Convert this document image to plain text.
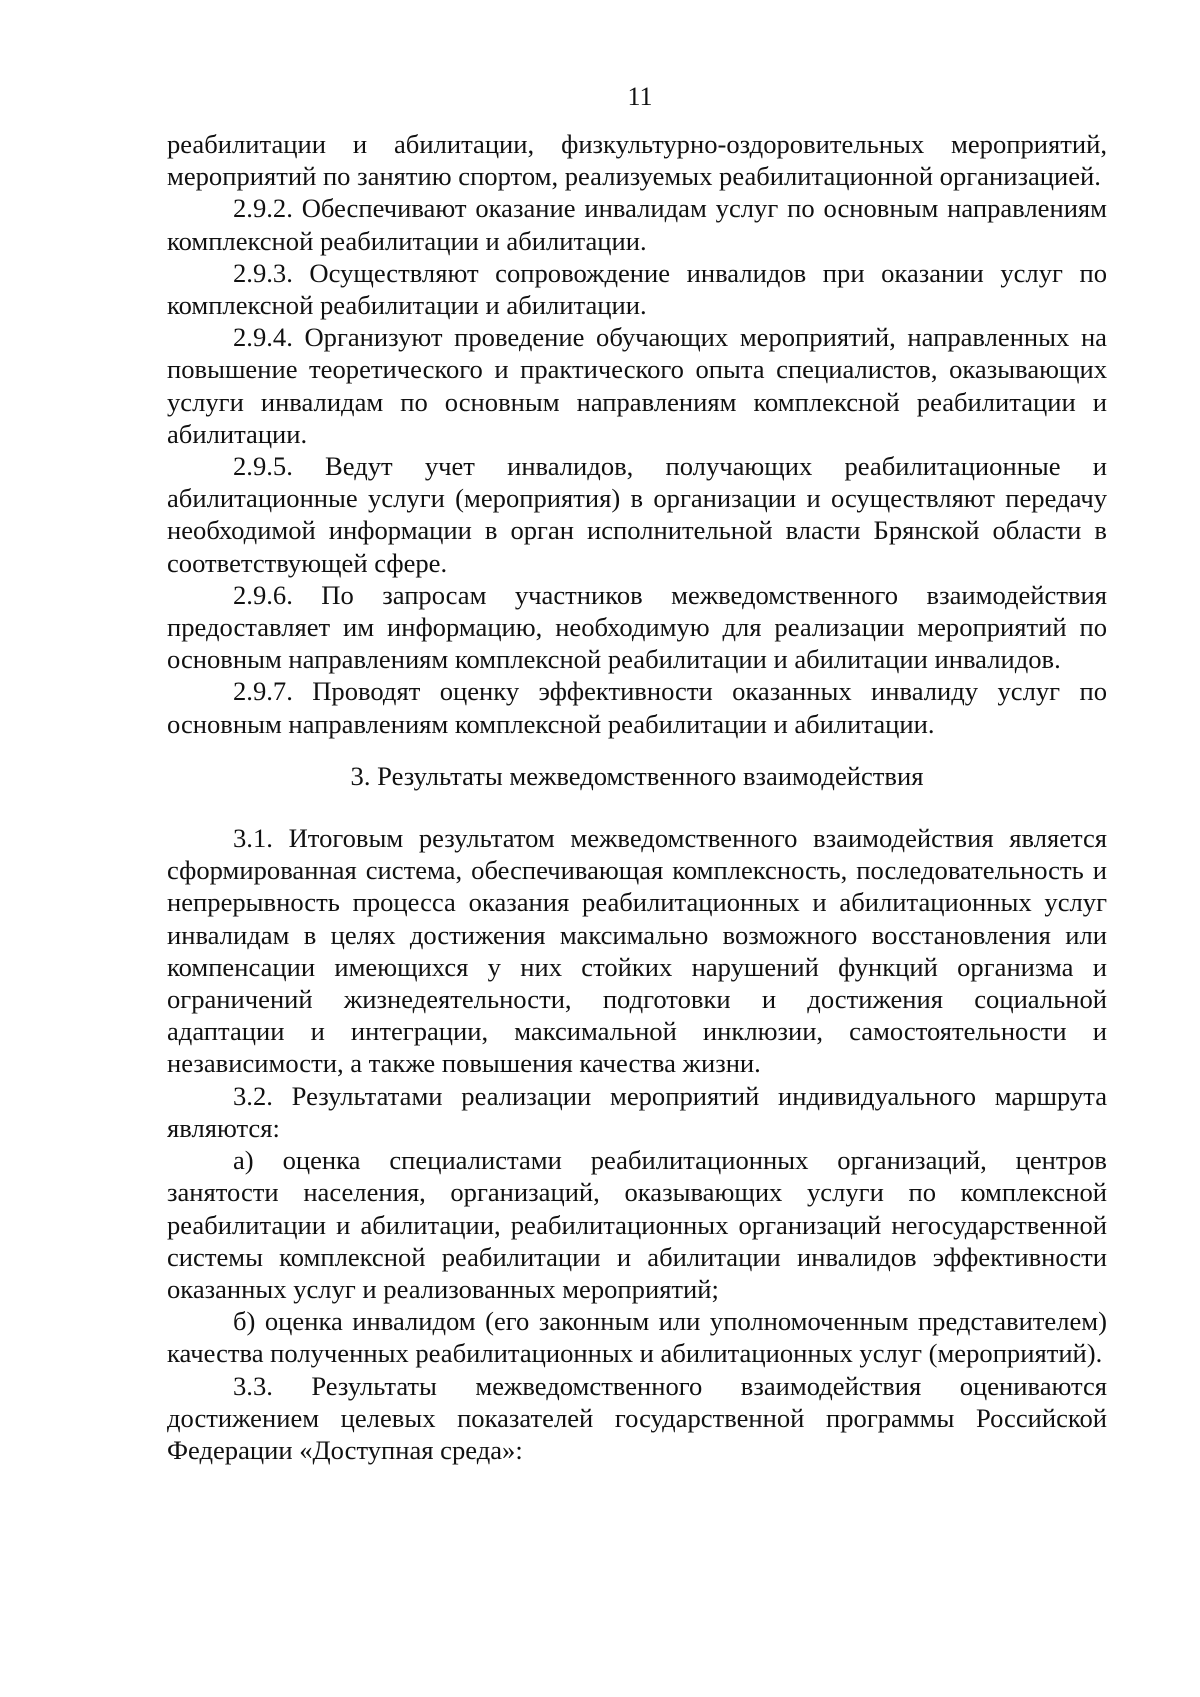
11

реабилитации и абилитации, физкультурно-оздоровительных мероприятий, мероприятий по занятию спортом, реализуемых реабилитационной организацией.

2.9.2. Обеспечивают оказание инвалидам услуг по основным направлениям комплексной реабилитации и абилитации.

2.9.3. Осуществляют сопровождение инвалидов при оказании услуг по комплексной реабилитации и абилитации.

2.9.4. Организуют проведение обучающих мероприятий, направленных на повышение теоретического и практического опыта специалистов, оказывающих услуги инвалидам по основным направлениям комплексной реабилитации и абилитации.

2.9.5. Ведут учет инвалидов, получающих реабилитационные и абилитационные услуги (мероприятия) в организации и осуществляют передачу необходимой информации в орган исполнительной власти Брянской области в соответствующей сфере.

2.9.6. По запросам участников межведомственного взаимодействия предоставляет им информацию, необходимую для реализации мероприятий по основным направлениям комплексной реабилитации и абилитации инвалидов.

2.9.7. Проводят оценку эффективности оказанных инвалиду услуг по основным направлениям комплексной реабилитации и абилитации.

3. Результаты межведомственного взаимодействия

3.1. Итоговым результатом межведомственного взаимодействия является сформированная система, обеспечивающая комплексность, последовательность и непрерывность процесса оказания реабилитационных и абилитационных услуг инвалидам в целях достижения максимально возможного восстановления или компенсации имеющихся у них стойких нарушений функций организма и ограничений жизнедеятельности, подготовки и достижения социальной адаптации и интеграции, максимальной инклюзии, самостоятельности и независимости, а также повышения качества жизни.

3.2. Результатами реализации мероприятий индивидуального маршрута являются:

а) оценка специалистами реабилитационных организаций, центров занятости населения, организаций, оказывающих услуги по комплексной реабилитации и абилитации, реабилитационных организаций негосударственной системы комплексной реабилитации и абилитации инвалидов эффективности оказанных услуг и реализованных мероприятий;

б) оценка инвалидом (его законным или уполномоченным представителем) качества полученных реабилитационных и абилитационных услуг (мероприятий).

3.3. Результаты межведомственного взаимодействия оцениваются достижением целевых показателей государственной программы Российской Федерации «Доступная среда»:
